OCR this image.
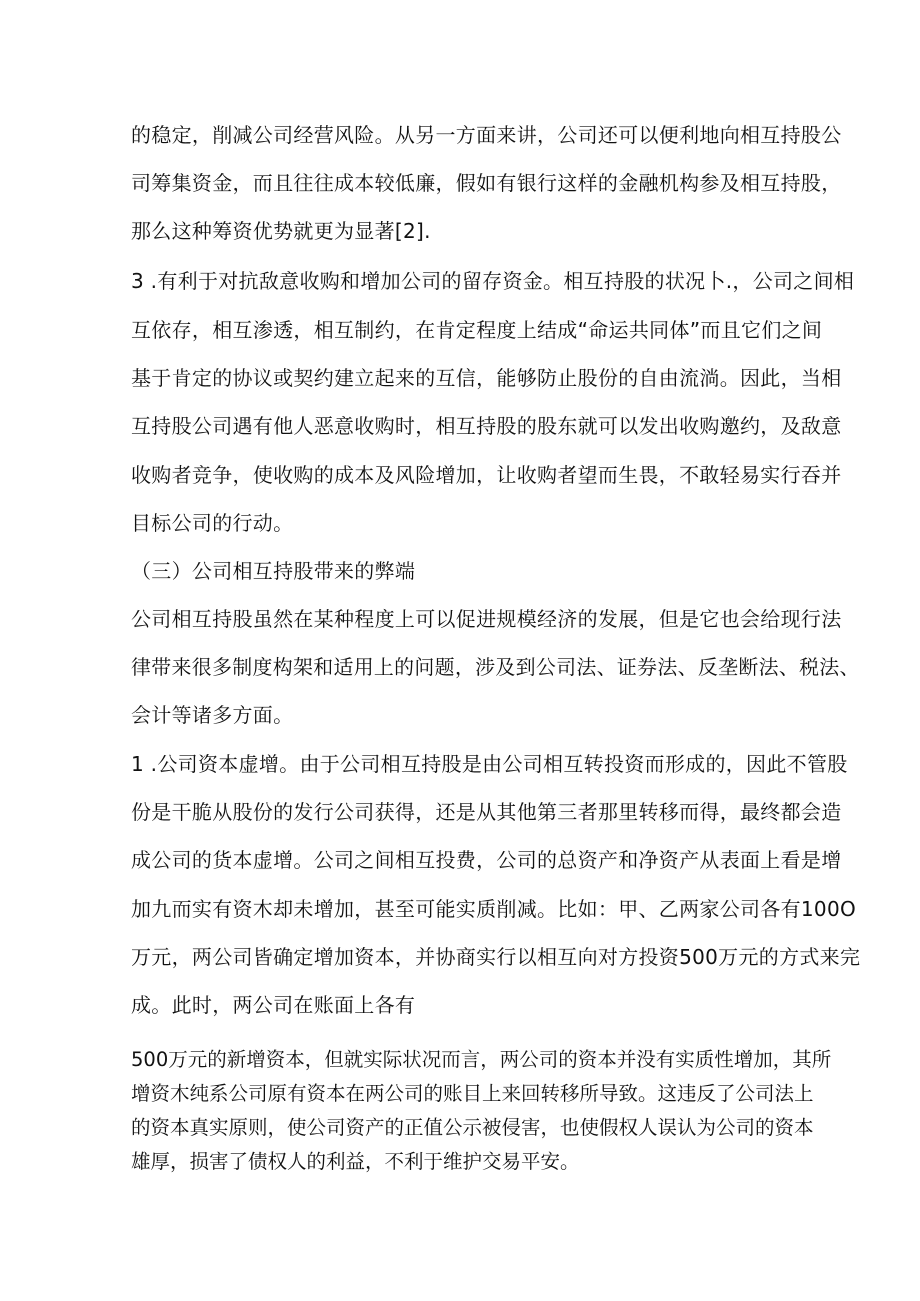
的稳定，削减公司经营风险。从另一方面来讲，公司还可以便利地向相互持股公
司筹集资金，而且往往成本较低廉，假如有银行这样的金融机构参及相互持股，
那么这种筹资优势就更为显著[2].
3 .有利于对抗敌意收购和增加公司的留存资金。相互持股的状况卜.，公司之间相
互依存，相互渗透，相互制约，在肯定程度上结成“命运共同体”而且它们之间
基于肯定的协议或契约建立起来的互信，能够防止股份的自由流淌。因此，当相
互持股公司遇有他人恶意收购时，相互持股的股东就可以发出收购邀约，及敌意
收购者竞争，使收购的成本及风险增加，让收购者望而生畏，不敢轻易实行吞并
目标公司的行动。
（三）公司相互持股带来的弊端
公司相互持股虽然在某种程度上可以促进规模经济的发展，但是它也会给现行法
律带来很多制度构架和适用上的问题，涉及到公司法、证券法、反垄断法、税法、
会计等诸多方面。
1 .公司资本虚增。由于公司相互持股是由公司相互转投资而形成的，因此不管股
份是干脆从股份的发行公司获得，还是从其他第三者那里转移而得，最终都会造
成公司的货本虚增。公司之间相互投费，公司的总资产和净资产从表面上看是增
加九而实有资木却未增加，甚至可能实质削减。比如：甲、乙两家公司各有100O
万元，两公司皆确定增加资本，并协商实行以相互向对方投资500万元的方式来完
成。此时，两公司在账面上各有
500万元的新增资本，但就实际状况而言，两公司的资本并没有实质性增加，其所
增资木纯系公司原有资本在两公司的账目上来回转移所导致。这违反了公司法上
的资本真实原则，使公司资产的正值公示被侵害，也使假权人误认为公司的资本
雄厚，损害了债权人的利益，不利于维护交易平安。
